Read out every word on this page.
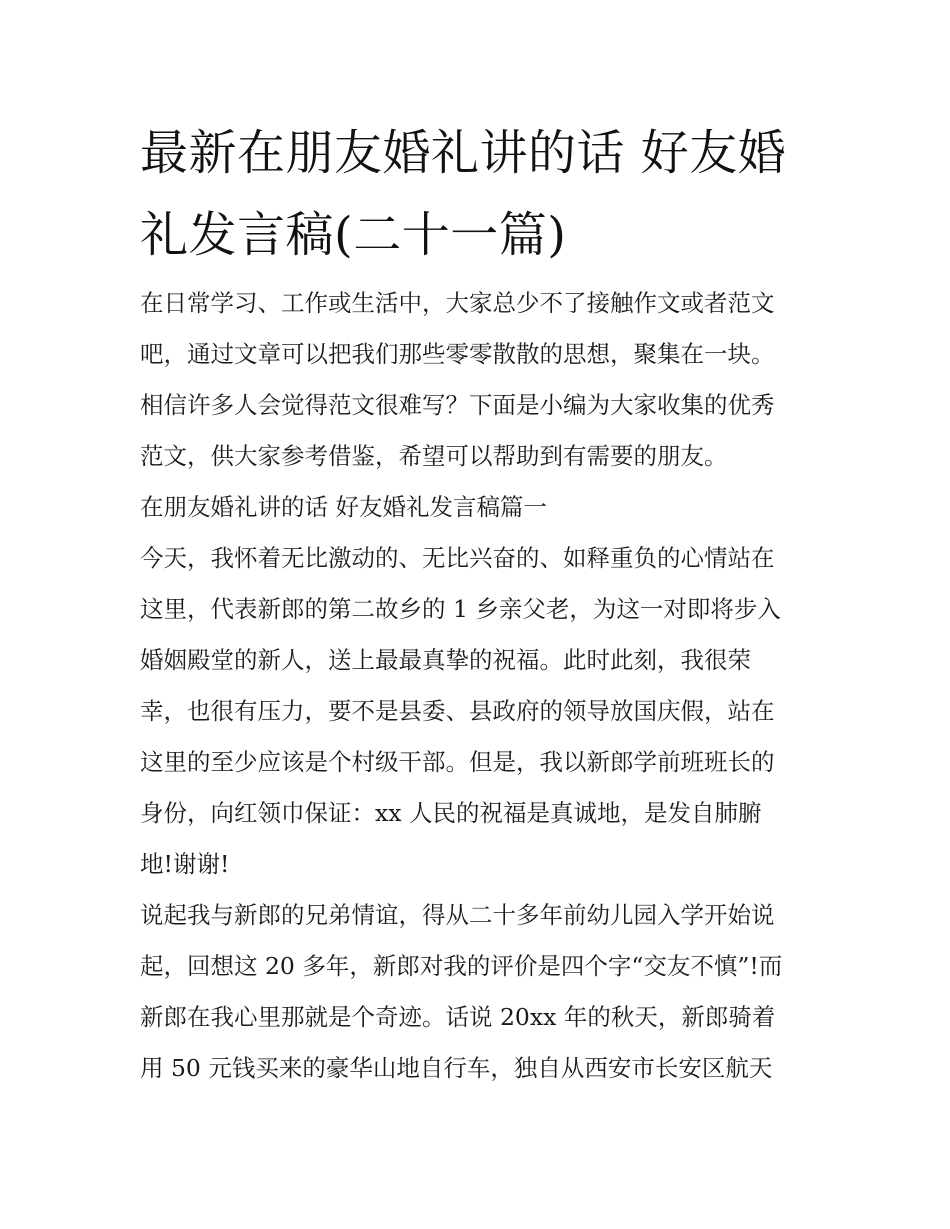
最新在朋友婚礼讲的话 好友婚
礼发言稿(二十一篇)
在日常学习、工作或生活中，大家总少不了接触作文或者范文
吧，通过文章可以把我们那些零零散散的思想，聚集在一块。
相信许多人会觉得范文很难写？下面是小编为大家收集的优秀
范文，供大家参考借鉴，希望可以帮助到有需要的朋友。
在朋友婚礼讲的话 好友婚礼发言稿篇一
今天，我怀着无比激动的、无比兴奋的、如释重负的心情站在
这里，代表新郎的第二故乡的 1 乡亲父老，为这一对即将步入
婚姻殿堂的新人，送上最最真挚的祝福。此时此刻，我很荣
幸，也很有压力，要不是县委、县政府的领导放国庆假，站在
这里的至少应该是个村级干部。但是，我以新郎学前班班长的
身份，向红领巾保证：xx 人民的祝福是真诚地，是发自肺腑
地!谢谢!
说起我与新郎的兄弟情谊，得从二十多年前幼儿园入学开始说
起，回想这 20 多年，新郎对我的评价是四个字“交友不慎”!而
新郎在我心里那就是个奇迹。话说 20xx 年的秋天，新郎骑着
用 50 元钱买来的豪华山地自行车，独自从西安市长安区航天
